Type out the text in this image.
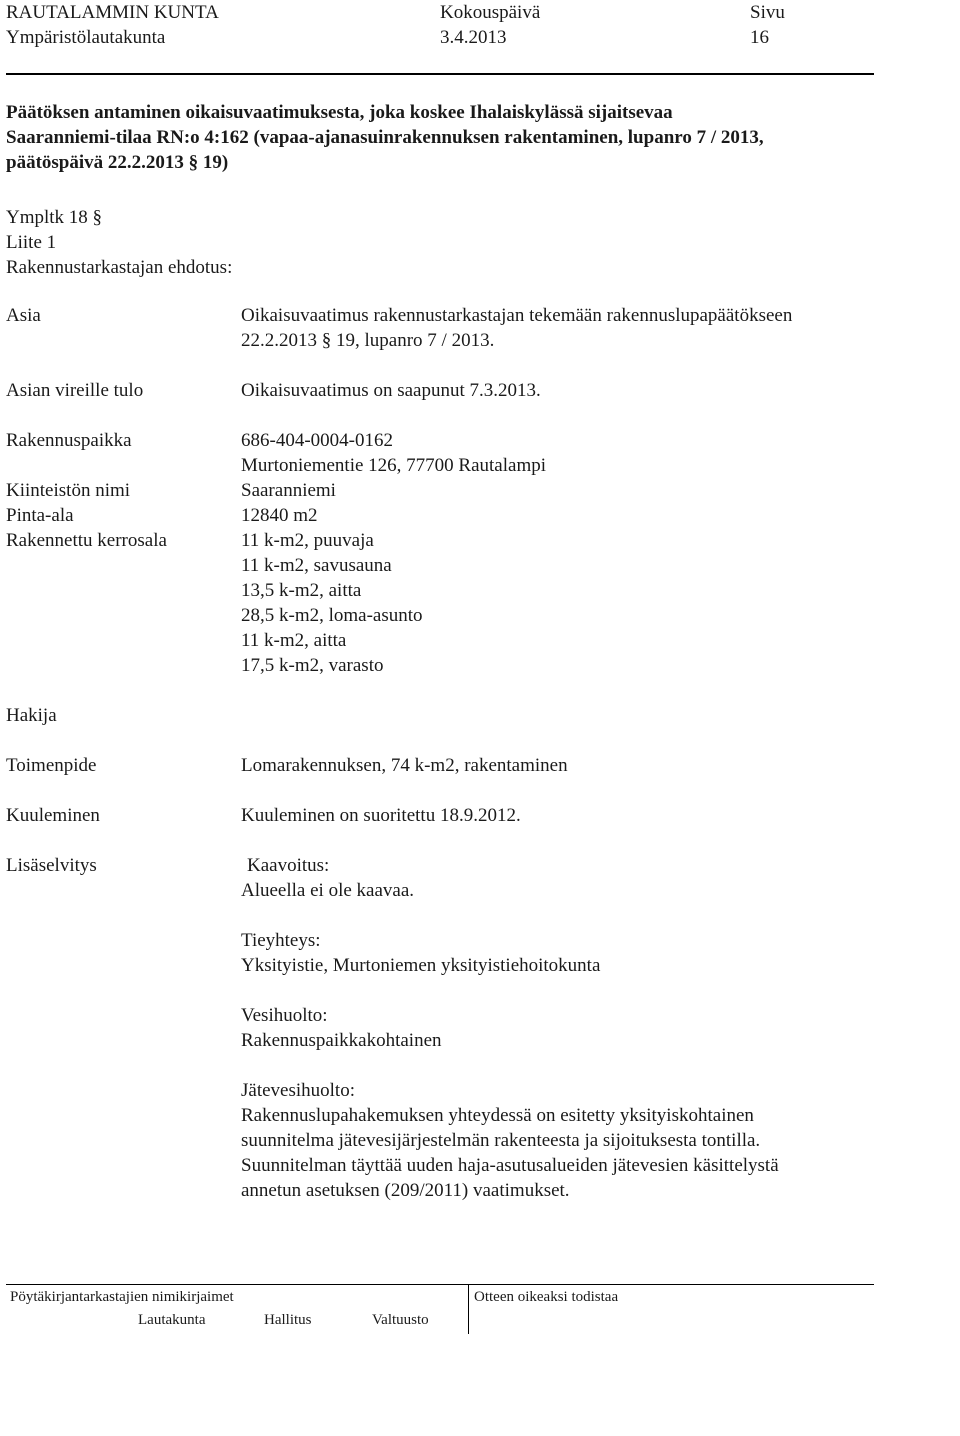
RAUTALAMMIN KUNTA
Ympäristölautakunta
Kokouspäivä
3.4.2013
Sivu
16
Päätöksen antaminen oikaisuvaatimuksesta, joka koskee Ihalaiskylässä sijaitsevaa
Saaranniemi-tilaa RN:o 4:162 (vapaa-ajanasuinrakennuksen rakentaminen, lupanro 7 / 2013,
päätöspäivä 22.2.2013 § 19)
Ympltk 18 §
Liite 1
Rakennustarkastajan ehdotus:
Asia	Oikaisuvaatimus rakennustarkastajan tekemään rakennuslupapäätökseen
22.2.2013 § 19, lupanro 7 / 2013.
Asian vireille tulo	Oikaisuvaatimus on saapunut 7.3.2013.
Rakennuspaikka	686-404-0004-0162
Murtoniementie 126, 77700 Rautalampi
Kiinteistön nimi	Saaranniemi
Pinta-ala	12840 m2
Rakennettu kerrosala	11 k-m2, puuvaja
11 k-m2, savusauna
13,5 k-m2, aitta
28,5 k-m2, loma-asunto
11 k-m2, aitta
17,5 k-m2, varasto
Hakija
Toimenpide	Lomarakennuksen, 74 k-m2, rakentaminen
Kuuleminen	Kuuleminen on suoritettu 18.9.2012.
Lisäselvitys	Kaavoitus:
Alueella ei ole kaavaa.
Tieyhteys:
Yksityistie, Murtoniemen yksityistiehoitokunta
Vesihuolto:
Rakennuspaikkakohtainen
Jätevesihuolto:
Rakennuslupahakemuksen yhteydessä on esitetty yksityiskohtainen
suunnitelma jätevesijärjestelmän rakenteesta ja sijoituksesta tontilla.
Suunnitelman täyttää uuden haja-asutusalueiden jätevesien käsittelystä
annetun asetuksen (209/2011) vaatimukset.
Pöytäkirjantarkastajien nimikirjaimet	Otteen oikeaksi todistaa
Lautakunta	Hallitus	Valtuusto
